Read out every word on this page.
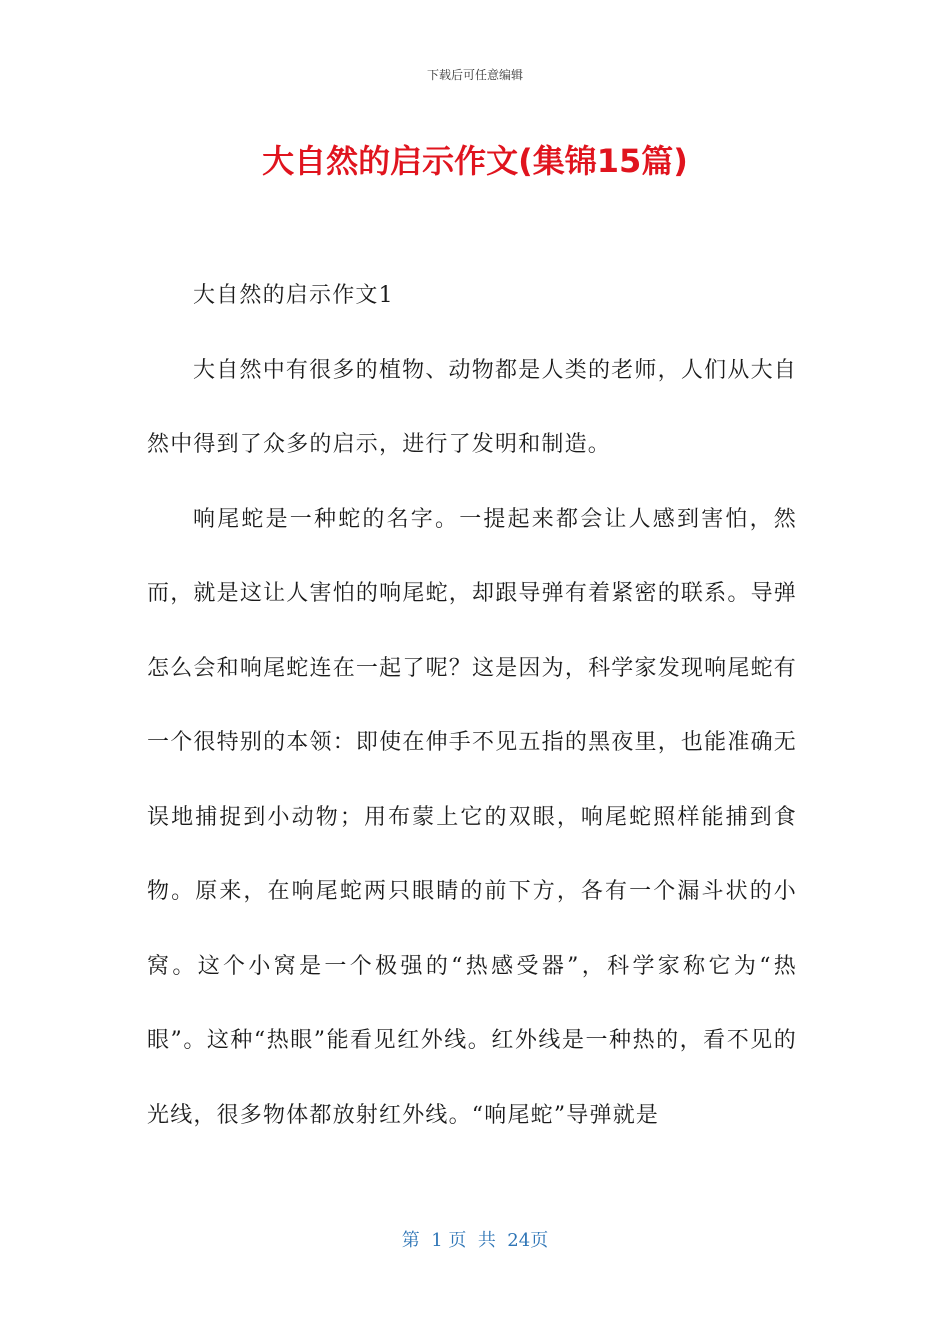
下载后可任意编辑
大自然的启示作文(集锦15篇)

大自然的启示作文1

大自然中有很多的植物、动物都是人类的老师，人们从大自然中得到了众多的启示，进行了发明和制造。

响尾蛇是一种蛇的名字。一提起来都会让人感到害怕，然而，就是这让人害怕的响尾蛇，却跟导弹有着紧密的联系。导弹怎么会和响尾蛇连在一起了呢？这是因为，科学家发现响尾蛇有一个很特别的本领：即使在伸手不见五指的黑夜里，也能准确无误地捕捉到小动物；用布蒙上它的双眼，响尾蛇照样能捕到食物。原来，在响尾蛇两只眼睛的前下方，各有一个漏斗状的小窝。这个小窝是一个极强的“热感受器”，科学家称它为“热眼”。这种“热眼”能看见红外线。红外线是一种热的，看不见的光线，很多物体都放射红外线。“响尾蛇”导弹就是

第  1 页  共  24页
